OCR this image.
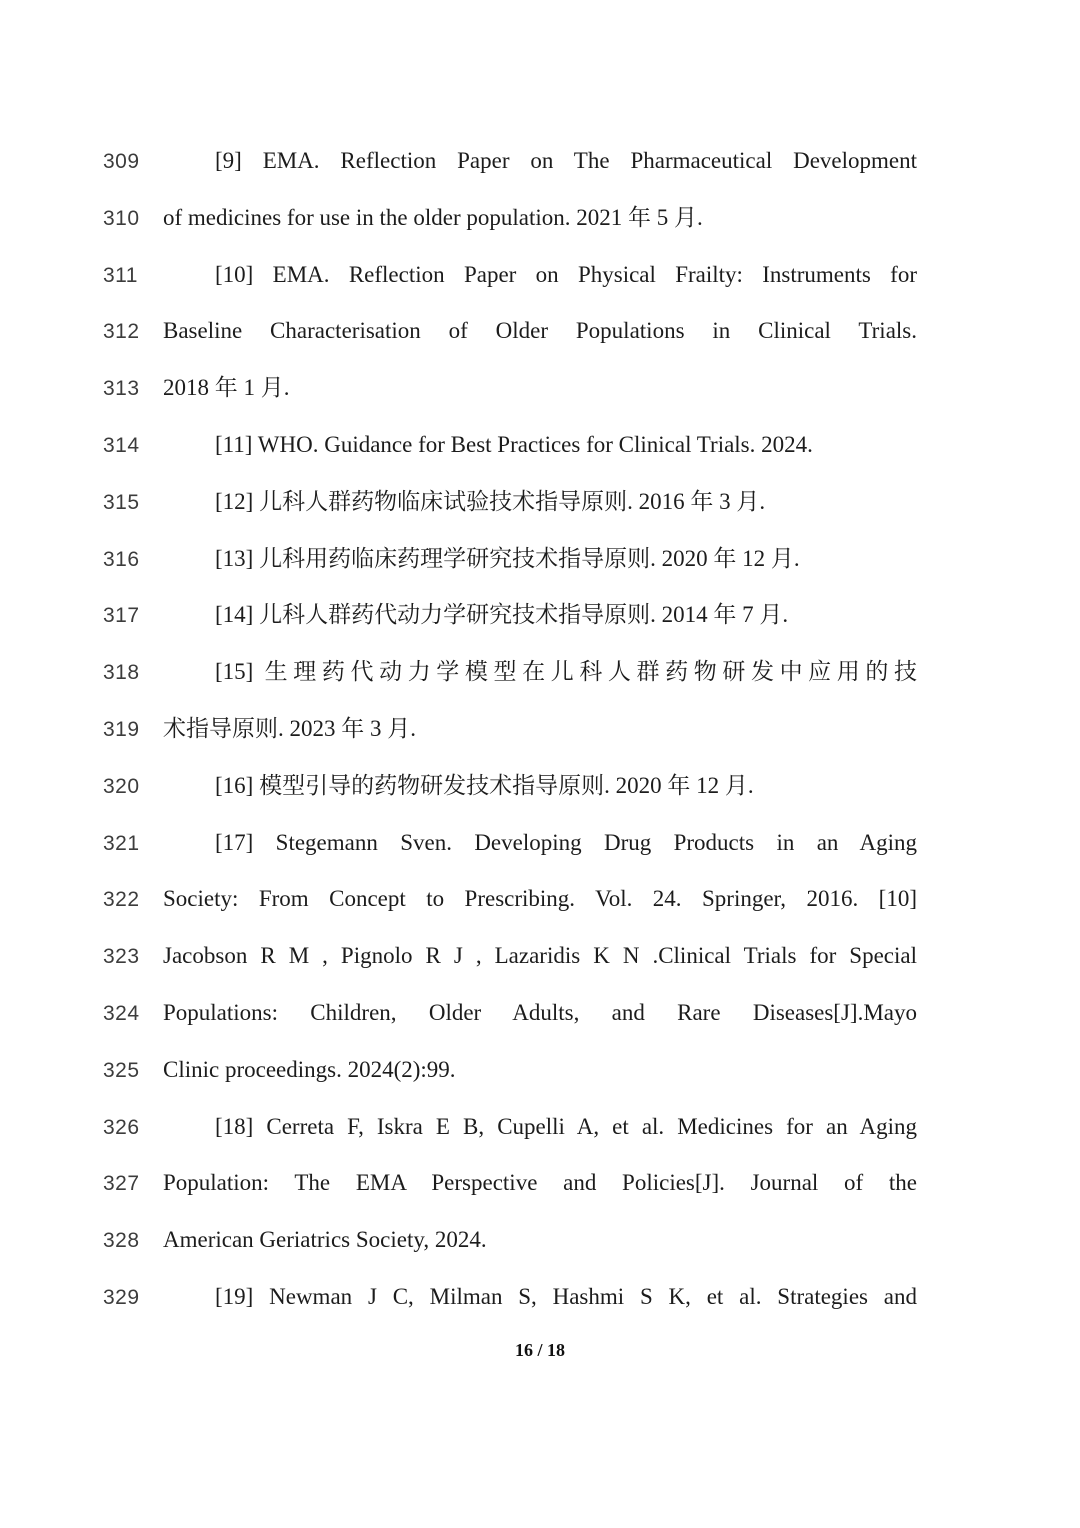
309	[9] EMA. Reflection Paper on The Pharmaceutical Development
310	of medicines for use in the older population. 2021 年 5 月.
311	[10] EMA. Reflection Paper on Physical Frailty: Instruments for
312	Baseline Characterisation of Older Populations in Clinical Trials.
313	2018 年 1 月.
314	[11] WHO. Guidance for Best Practices for Clinical Trials. 2024.
315	[12] 儿科人群药物临床试验技术指导原则. 2016 年 3 月.
316	[13] 儿科用药临床药理学研究技术指导原则. 2020 年 12 月.
317	[14] 儿科人群药代动力学研究技术指导原则. 2014 年 7 月.
318	[15] 生理药代动力学模型在儿科人群药物研发中应用的技
319	术指导原则. 2023 年 3 月.
320	[16] 模型引导的药物研发技术指导原则. 2020 年 12 月.
321	[17] Stegemann Sven. Developing Drug Products in an Aging
322	Society: From Concept to Prescribing. Vol. 24. Springer, 2016. [10]
323	Jacobson R M , Pignolo R J , Lazaridis K N .Clinical Trials for Special
324	Populations: Children, Older Adults, and Rare Diseases[J].Mayo
325	Clinic proceedings. 2024(2):99.
326	[18] Cerreta F, Iskra E B, Cupelli A, et al. Medicines for an Aging
327	Population: The EMA Perspective and Policies[J]. Journal of the
328	American Geriatrics Society, 2024.
329	[19] Newman J C, Milman S, Hashmi S K, et al. Strategies and
16 / 18
